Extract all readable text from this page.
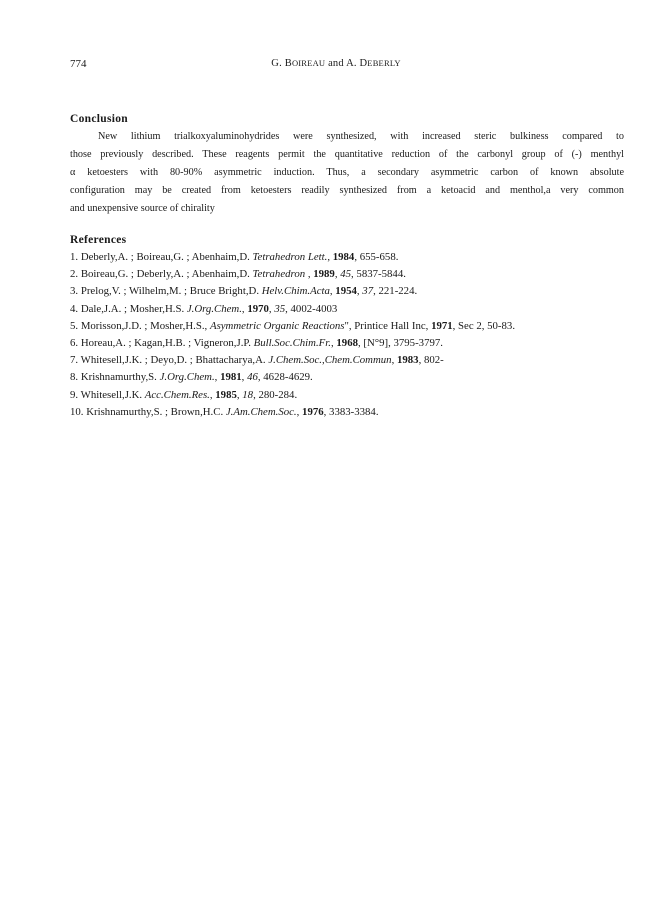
774	G. BOIREAU and A. DEBERLY
Conclusion
New lithium trialkoxyaluminohydrides were synthesized, with increased steric bulkiness compared to
those previously described. These reagents permit the quantitative reduction of the carbonyl group of (-) menthyl
α ketoesters with 80-90% asymmetric induction. Thus, a secondary asymmetric carbon of known absolute
configuration may be created from ketoesters readily synthesized from a ketoacid and menthol,a very common
and unexpensive source of chirality
References
1. Deberly,A. ; Boireau,G. ; Abenhaim,D. Tetrahedron Lett., 1984, 655-658.
2. Boireau,G. ; Deberly,A. ; Abenhaim,D. Tetrahedron , 1989, 45, 5837-5844.
3. Prelog,V. ; Wilhelm,M. ; Bruce Bright,D. Helv.Chim.Acta, 1954, 37, 221-224.
4. Dale,J.A. ; Mosher,H.S. J.Org.Chem., 1970, 35, 4002-4003
5. Morisson,J.D. ; Mosher,H.S., Asymmetric Organic Reactions", Printice Hall Inc, 1971, Sec 2, 50-83.
6. Horeau,A. ; Kagan,H.B. ; Vigneron,J.P. Bull.Soc.Chim.Fr., 1968, [N°9], 3795-3797.
7. Whitesell,J.K. ; Deyo,D. ; Bhattacharya,A. J.Chem.Soc.,Chem.Commun, 1983, 802-
8. Krishnamurthy,S. J.Org.Chem., 1981, 46, 4628-4629.
9. Whitesell,J.K. Acc.Chem.Res., 1985, 18, 280-284.
10. Krishnamurthy,S. ; Brown,H.C. J.Am.Chem.Soc., 1976, 3383-3384.
